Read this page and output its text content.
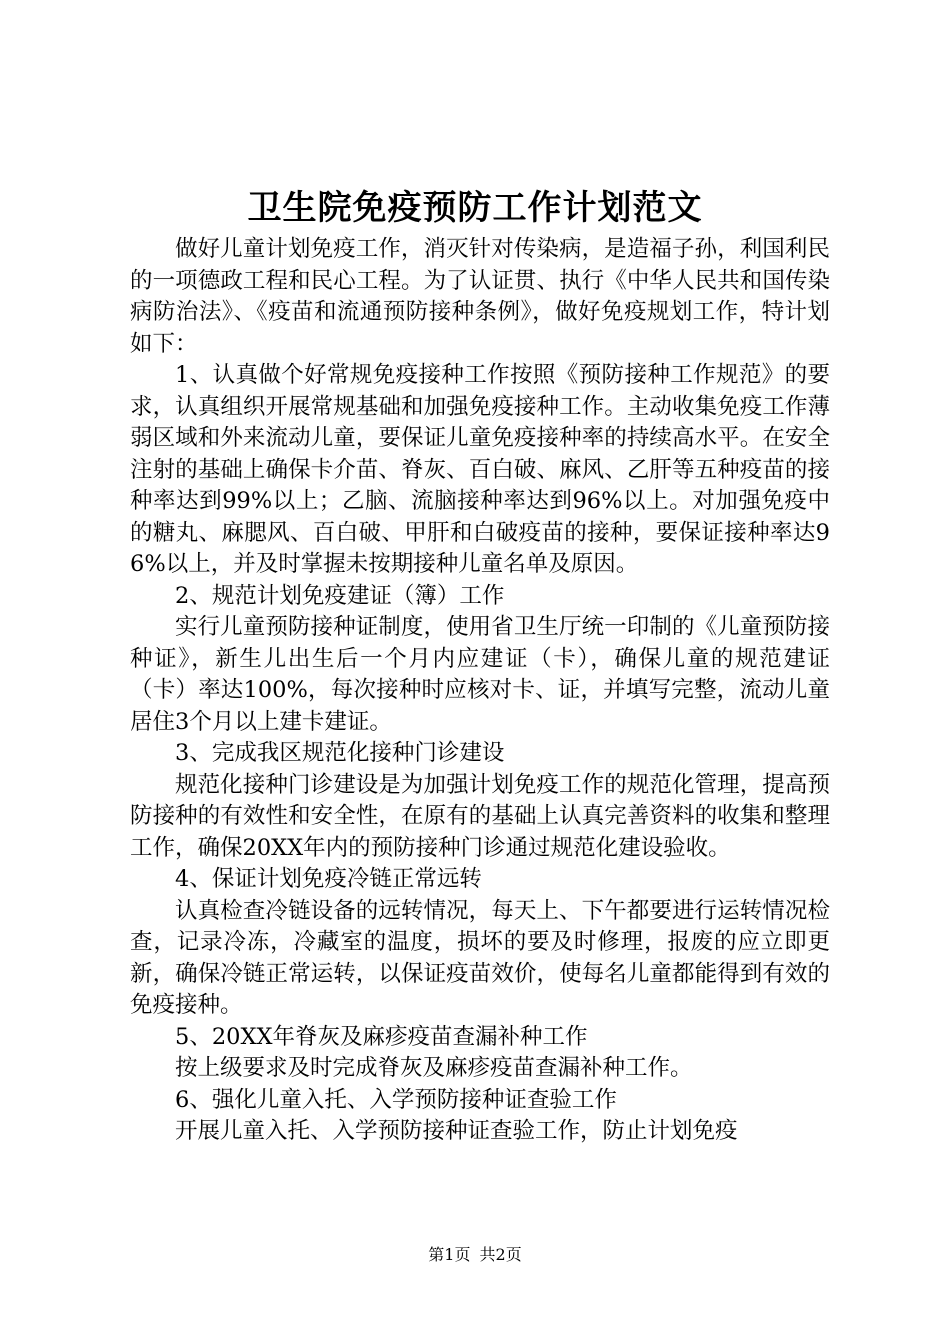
卫生院免疫预防工作计划范文

做好儿童计划免疫工作，消灭针对传染病，是造福子孙，利国利民的一项德政工程和民心工程。为了认证贯、执行《中华人民共和国传染病防治法》、《疫苗和流通预防接种条例》，做好免疫规划工作，特计划如下：

1、认真做个好常规免疫接种工作按照《预防接种工作规范》的要求，认真组织开展常规基础和加强免疫接种工作。主动收集免疫工作薄弱区域和外来流动儿童，要保证儿童免疫接种率的持续高水平。在安全注射的基础上确保卡介苗、脊灰、百白破、麻风、乙肝等五种疫苗的接种率达到99%以上；乙脑、流脑接种率达到96%以上。对加强免疫中的糖丸、麻腮风、百白破、甲肝和白破疫苗的接种，要保证接种率达96%以上，并及时掌握未按期接种儿童名单及原因。

2、规范计划免疫建证（簿）工作

实行儿童预防接种证制度，使用省卫生厅统一印制的《儿童预防接种证》，新生儿出生后一个月内应建证（卡），确保儿童的规范建证（卡）率达100%，每次接种时应核对卡、证，并填写完整，流动儿童居住3个月以上建卡建证。

3、完成我区规范化接种门诊建设

规范化接种门诊建设是为加强计划免疫工作的规范化管理，提高预防接种的有效性和安全性，在原有的基础上认真完善资料的收集和整理工作，确保20XX年内的预防接种门诊通过规范化建设验收。

4、保证计划免疫冷链正常远转

认真检查冷链设备的远转情况，每天上、下午都要进行运转情况检查，记录冷冻，冷藏室的温度，损坏的要及时修理，报废的应立即更新，确保冷链正常运转，以保证疫苗效价，使每名儿童都能得到有效的免疫接种。

5、20XX年脊灰及麻疹疫苗查漏补种工作

按上级要求及时完成脊灰及麻疹疫苗查漏补种工作。

6、强化儿童入托、入学预防接种证查验工作

开展儿童入托、入学预防接种证查验工作，防止计划免疫

第1页 共2页
